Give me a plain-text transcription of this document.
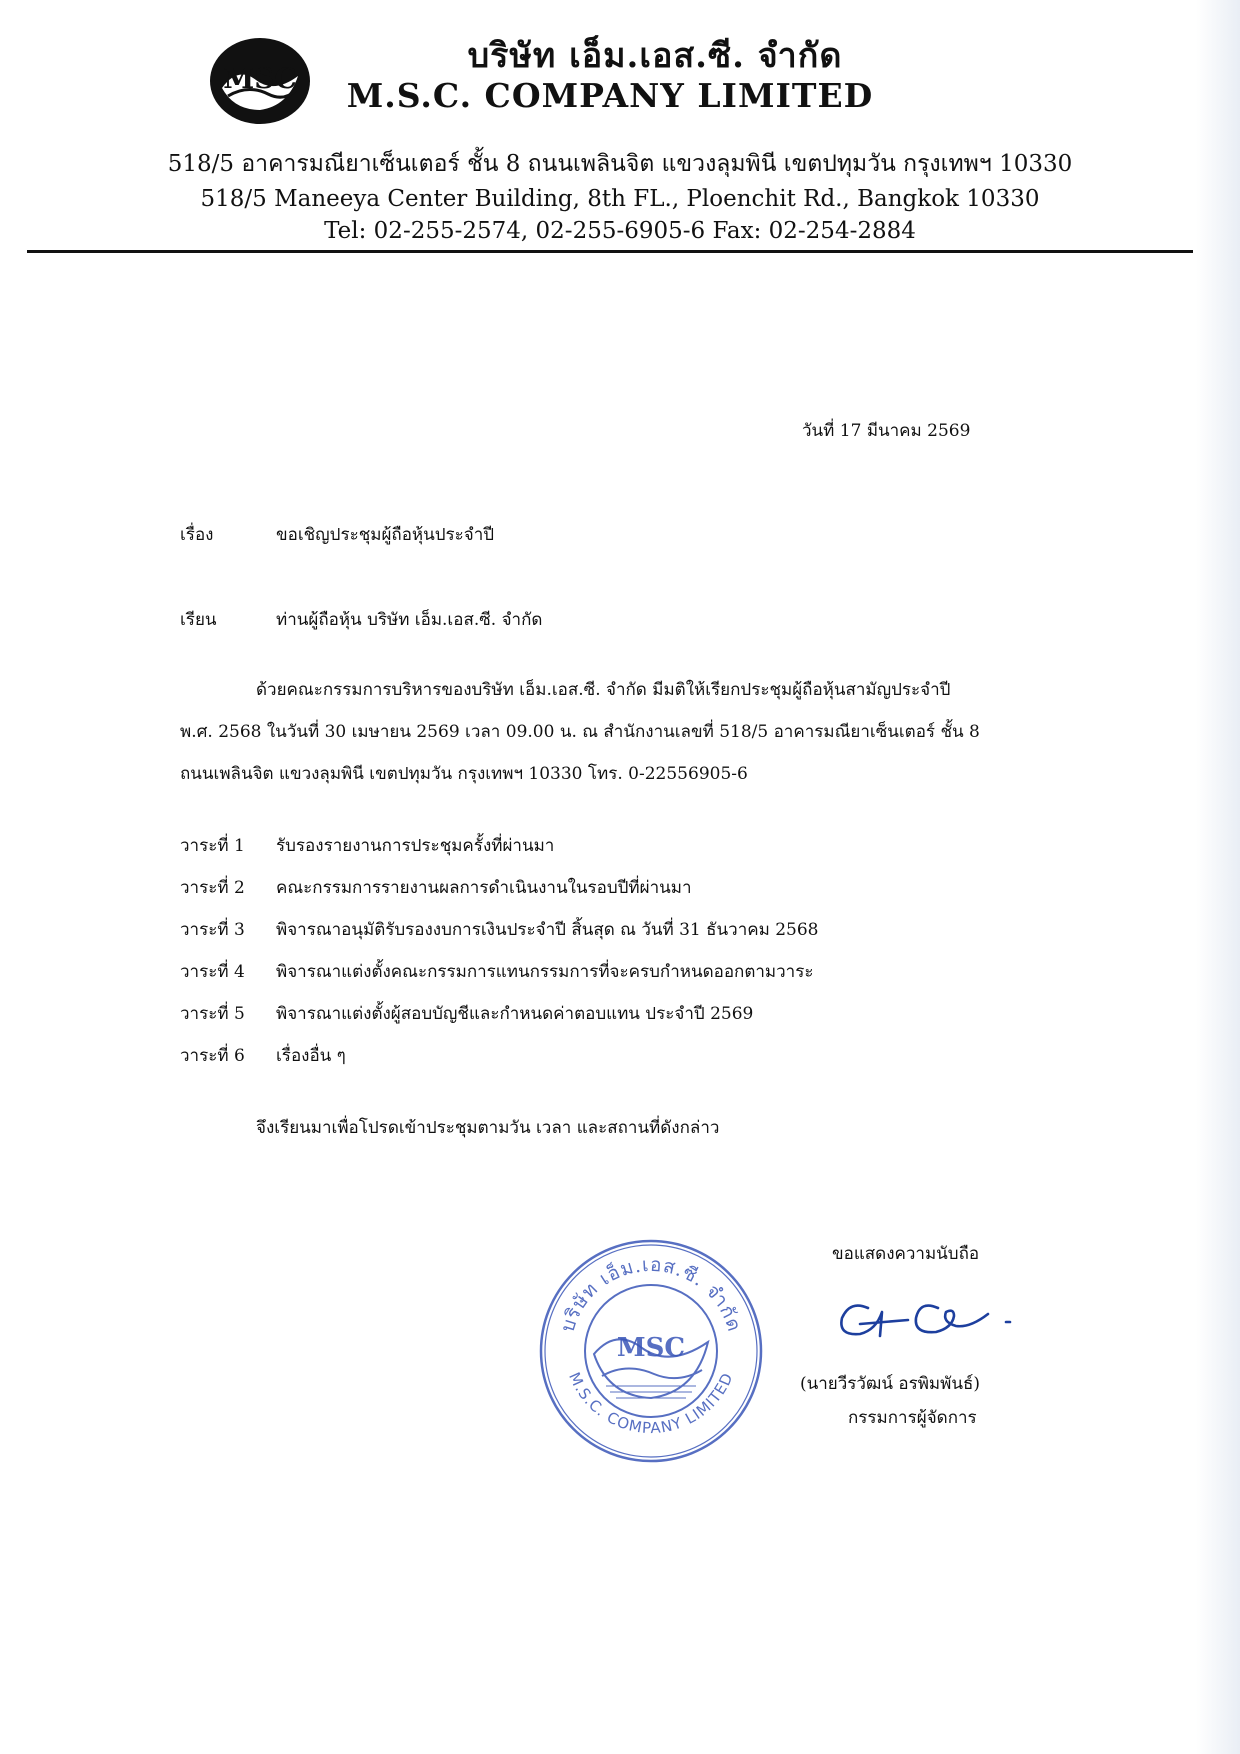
MSC
บริษัท เอ็ม.เอส.ซี. จำกัด
M.S.C. COMPANY LIMITED
518/5 อาคารมณียาเซ็นเตอร์ ชั้น 8 ถนนเพลินจิต แขวงลุมพินี เขตปทุมวัน กรุงเทพฯ 10330
518/5 Maneeya Center Building, 8th FL., Ploenchit Rd., Bangkok 10330
Tel: 02-255-2574, 02-255-6905-6 Fax: 02-254-2884
วันที่ 17 มีนาคม 2569
เรื่อง	ขอเชิญประชุมผู้ถือหุ้นประจำปี
เรียน	ท่านผู้ถือหุ้น บริษัท เอ็ม.เอส.ซี. จำกัด
ด้วยคณะกรรมการบริหารของบริษัท เอ็ม.เอส.ซี. จำกัด มีมติให้เรียกประชุมผู้ถือหุ้นสามัญประจำปี
พ.ศ. 2568 ในวันที่ 30 เมษายน 2569 เวลา 09.00 น. ณ สำนักงานเลขที่ 518/5 อาคารมณียาเซ็นเตอร์ ชั้น 8
ถนนเพลินจิต แขวงลุมพินี เขตปทุมวัน กรุงเทพฯ 10330 โทร. 0-22556905-6
วาระที่ 1 รับรองรายงานการประชุมครั้งที่ผ่านมา
วาระที่ 2 คณะกรรมการรายงานผลการดำเนินงานในรอบปีที่ผ่านมา
วาระที่ 3 พิจารณาอนุมัติรับรองงบการเงินประจำปี สิ้นสุด ณ วันที่ 31 ธันวาคม 2568
วาระที่ 4 พิจารณาแต่งตั้งคณะกรรมการแทนกรรมการที่จะครบกำหนดออกตามวาระ
วาระที่ 5 พิจารณาแต่งตั้งผู้สอบบัญชีและกำหนดค่าตอบแทน ประจำปี 2569
วาระที่ 6 เรื่องอื่น ๆ
จึงเรียนมาเพื่อโปรดเข้าประชุมตามวัน เวลา และสถานที่ดังกล่าว
บริษัท เอ็ม.เอส.ซี. จำกัด
M.S.C. COMPANY LIMITED
MSC
ขอแสดงความนับถือ
(นายวีรวัฒน์ อรพิมพันธ์)
กรรมการผู้จัดการ
